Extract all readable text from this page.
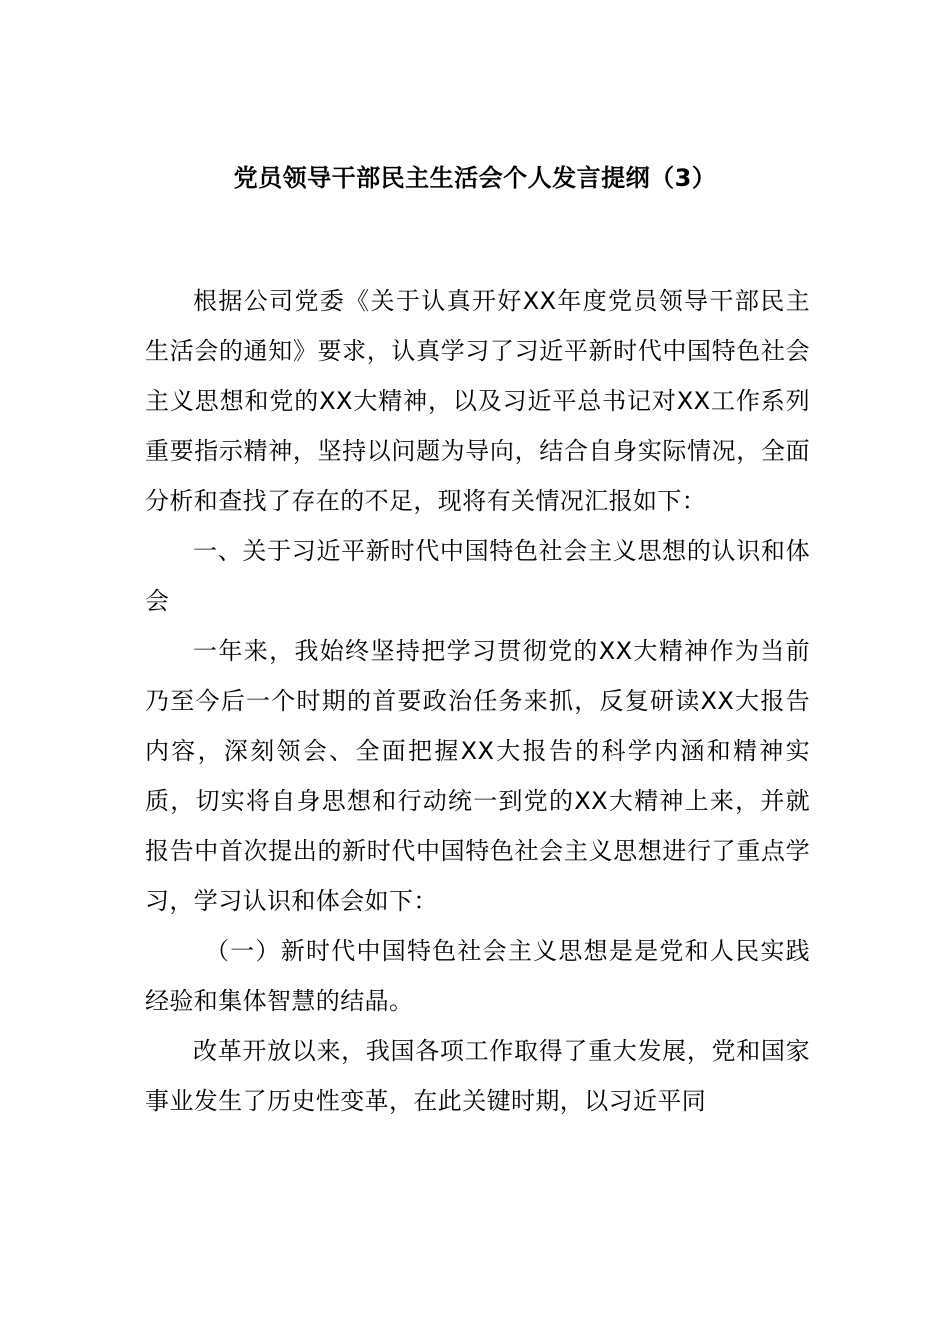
党员领导干部民主生活会个人发言提纲（3）

根据公司党委《关于认真开好XX年度党员领导干部民主生活会的通知》要求，认真学习了习近平新时代中国特色社会主义思想和党的XX大精神，以及习近平总书记对XX工作系列重要指示精神，坚持以问题为导向，结合自身实际情况，全面分析和查找了存在的不足，现将有关情况汇报如下：

一、关于习近平新时代中国特色社会主义思想的认识和体会

一年来，我始终坚持把学习贯彻党的XX大精神作为当前乃至今后一个时期的首要政治任务来抓，反复研读XX大报告内容，深刻领会、全面把握XX大报告的科学内涵和精神实质，切实将自身思想和行动统一到党的XX大精神上来，并就报告中首次提出的新时代中国特色社会主义思想进行了重点学习，学习认识和体会如下：

（一）新时代中国特色社会主义思想是是党和人民实践经验和集体智慧的结晶。

改革开放以来，我国各项工作取得了重大发展，党和国家事业发生了历史性变革，在此关键时期，以习近平同
